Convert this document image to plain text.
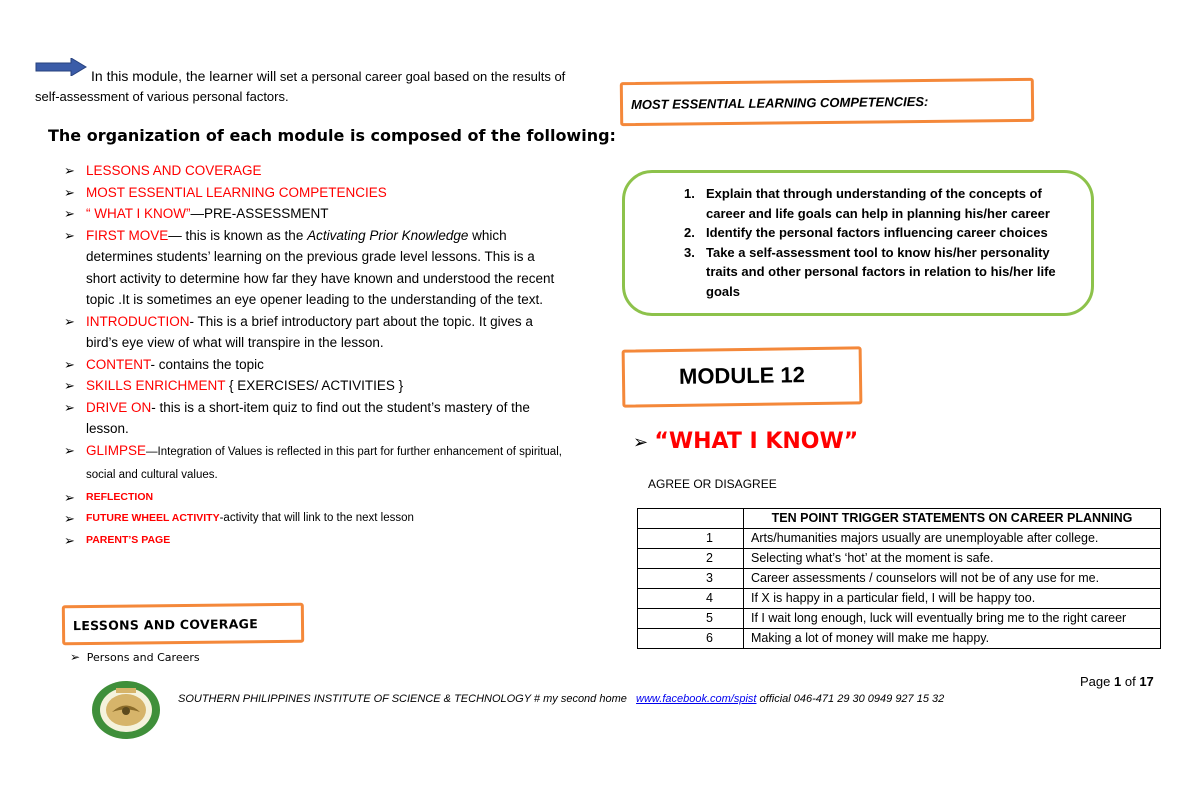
In this module, the learner will set a personal career goal based on the results of self-assessment of various personal factors.
The organization of each module is composed of the following:
➢ LESSONS AND COVERAGE
➢ MOST ESSENTIAL LEARNING COMPETENCIES
➢ “ WHAT I KNOW”—PRE-ASSESSMENT
➢ FIRST MOVE— this is known as the Activating Prior Knowledge which determines students’ learning on the previous grade level lessons. This is a short activity to determine how far they have known and understood the recent topic .It is sometimes an eye opener leading to the understanding of the text.
➢ INTRODUCTION- This is a brief introductory part about the topic. It gives a bird’s eye view of what will transpire in the lesson.
➢ CONTENT- contains the topic
➢ SKILLS ENRICHMENT { EXERCISES/ ACTIVITIES }
➢ DRIVE ON- this is a short-item quiz to find out the student’s mastery of the lesson.
➢ GLIMPSE—Integration of Values is reflected in this part for further enhancement of spiritual, social and cultural values.
➢ REFLECTION
➢ FUTURE WHEEL ACTIVITY-activity that will link to the next lesson
➢ PARENT’S PAGE
LESSONS AND COVERAGE
➢  Persons and Careers
MOST ESSENTIAL LEARNING COMPETENCIES:
1. Explain that through understanding of the concepts of career and life goals can help in planning his/her career
2. Identify the personal factors influencing career choices
3. Take a self-assessment tool to know his/her personality traits and other personal factors in relation to his/her life goals
MODULE 12
➢ “WHAT I KNOW”
AGREE OR DISAGREE
	TEN POINT TRIGGER STATEMENTS ON CAREER PLANNING
1	Arts/humanities majors usually are unemployable after college.
2	Selecting what’s ‘hot’ at the moment is safe.
3	Career assessments / counselors will not be of any use for me.
4	If X is happy in a particular field, I will be happy too.
5	If I wait long enough, luck will eventually bring me to the right career
6	Making a lot of money will make me happy.
Page 1 of 17
SOUTHERN PHILIPPINES INSTITUTE OF SCIENCE & TECHNOLOGY # my second home www.facebook.com/spist official 046-471 29 30 0949 927 15 32
